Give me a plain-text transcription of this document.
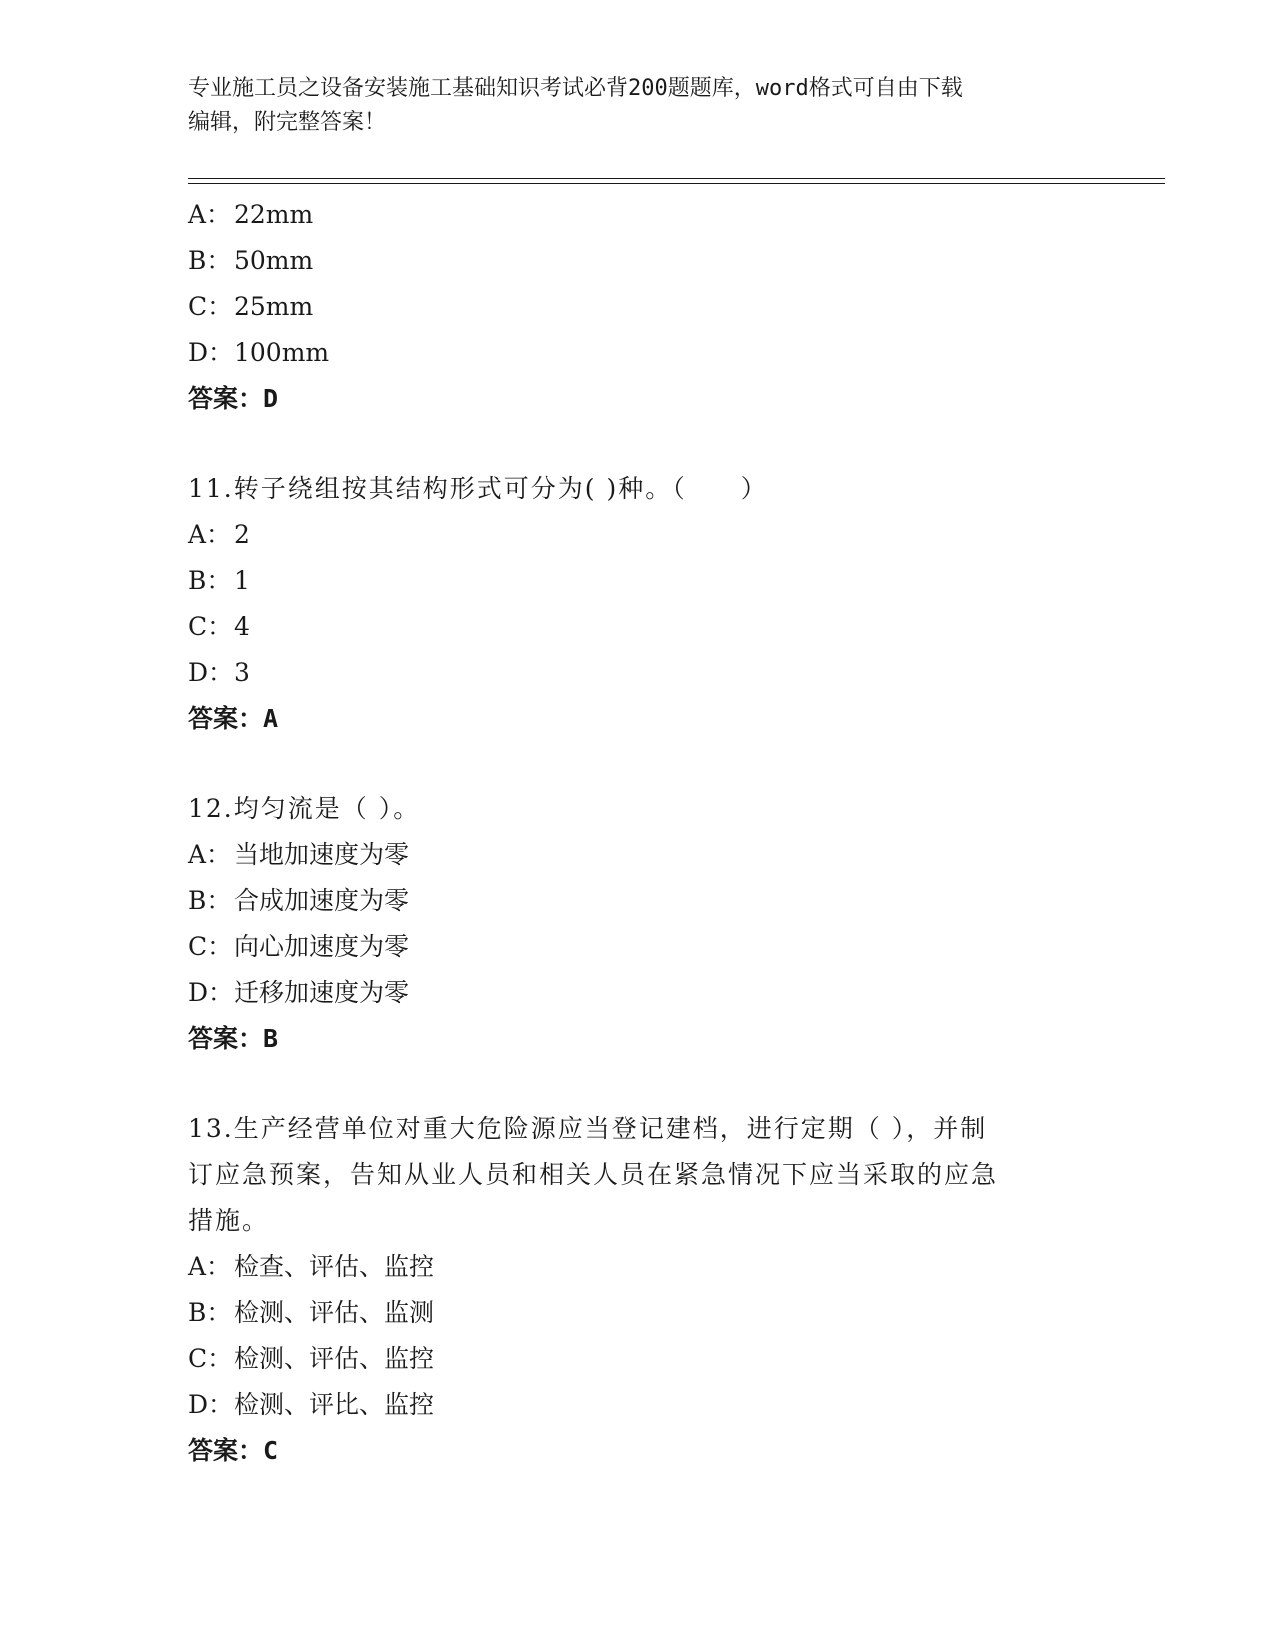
专业施工员之设备安装施工基础知识考试必背200题题库，word格式可自由下载
编辑，附完整答案！
A： 22mm
B： 50mm
C：25mm
D：100mm
答案：D
11.转子绕组按其结构形式可分为( )种。（　　）
A： 2
B： 1
C：4
D：3
答案：A
12.均匀流是（ ）。
A： 当地加速度为零
B： 合成加速度为零
C：向心加速度为零
D：迁移加速度为零
答案：B
13.生产经营单位对重大危险源应当登记建档，进行定期（ ），并制
订应急预案，告知从业人员和相关人员在紧急情况下应当采取的应急
措施。
A： 检查、评估、监控
B： 检测、评估、监测
C：检测、评估、监控
D：检测、评比、监控
答案：C
